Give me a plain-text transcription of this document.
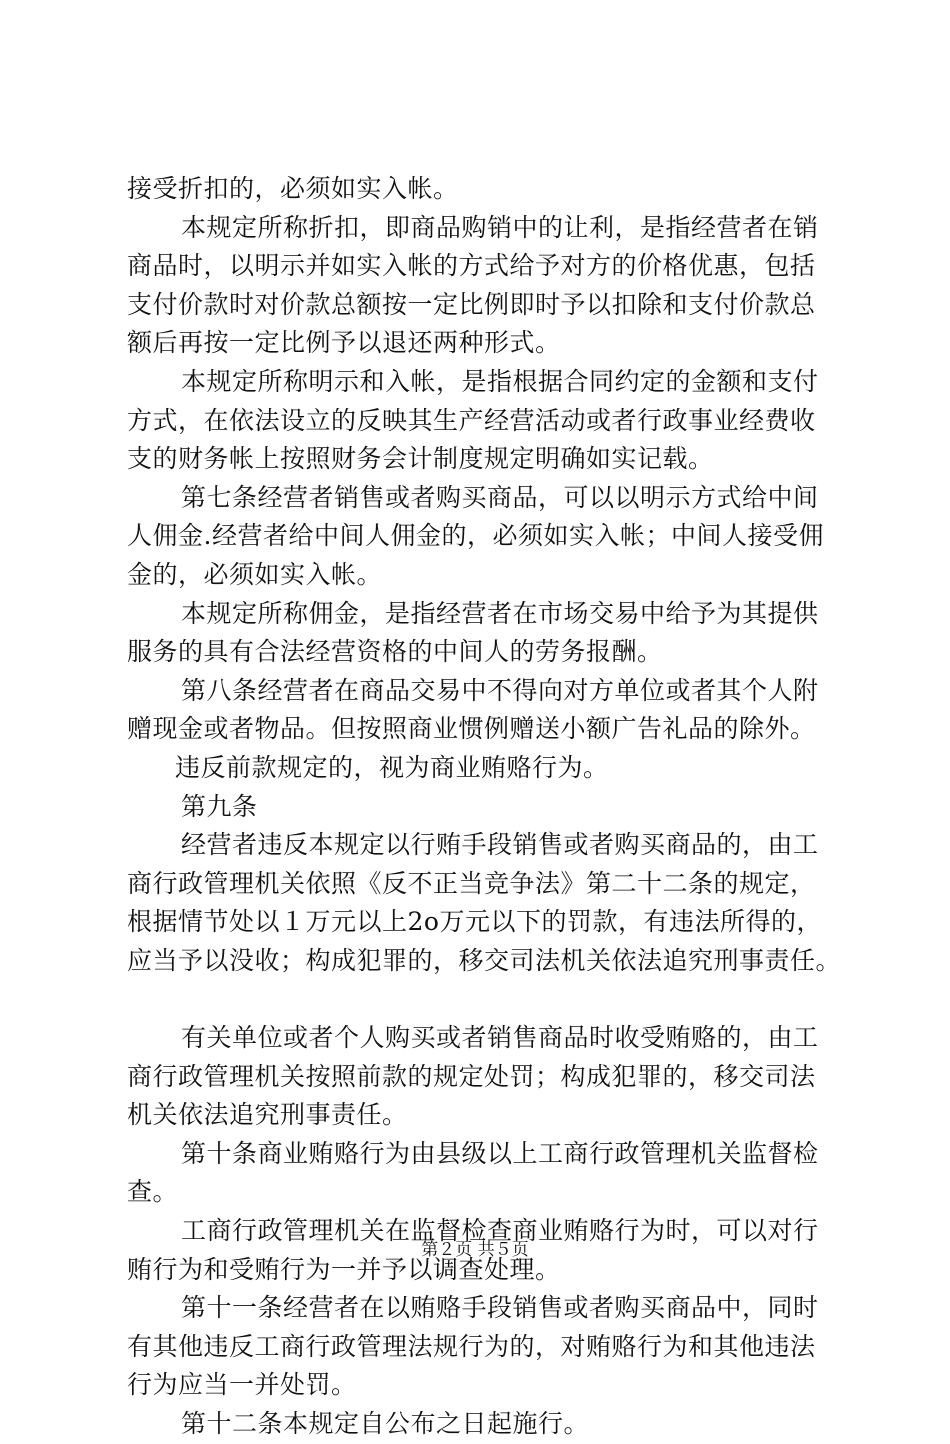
接受折扣的，必须如实入帐。
本规定所称折扣，即商品购销中的让利，是指经营者在销
商品时，以明示并如实入帐的方式给予对方的价格优惠，包括
支付价款时对价款总额按一定比例即时予以扣除和支付价款总
额后再按一定比例予以退还两种形式。
本规定所称明示和入帐，是指根据合同约定的金额和支付
方式，在依法设立的反映其生产经营活动或者行政事业经费收
支的财务帐上按照财务会计制度规定明确如实记载。
第七条经营者销售或者购买商品，可以以明示方式给中间
人佣金.经营者给中间人佣金的，必须如实入帐；中间人接受佣
金的，必须如实入帐。
本规定所称佣金，是指经营者在市场交易中给予为其提供
服务的具有合法经营资格的中间人的劳务报酬。
第八条经营者在商品交易中不得向对方单位或者其个人附
赠现金或者物品。但按照商业惯例赠送小额广告礼品的除外。
违反前款规定的，视为商业贿赂行为。
第九条
经营者违反本规定以行贿手段销售或者购买商品的，由工
商行政管理机关依照《反不正当竞争法》第二十二条的规定，
根据情节处以１万元以上2o万元以下的罚款，有违法所得的，
应当予以没收；构成犯罪的，移交司法机关依法追究刑事责任。
有关单位或者个人购买或者销售商品时收受贿赂的，由工
商行政管理机关按照前款的规定处罚；构成犯罪的，移交司法
机关依法追究刑事责任。
第十条商业贿赂行为由县级以上工商行政管理机关监督检
查。
工商行政管理机关在监督检查商业贿赂行为时，可以对行
贿行为和受贿行为一并予以调查处理。
第十一条经营者在以贿赂手段销售或者购买商品中，同时
有其他违反工商行政管理法规行为的，对贿赂行为和其他违法
行为应当一并处罚。
第十二条本规定自公布之日起施行。
第２页 共５页
